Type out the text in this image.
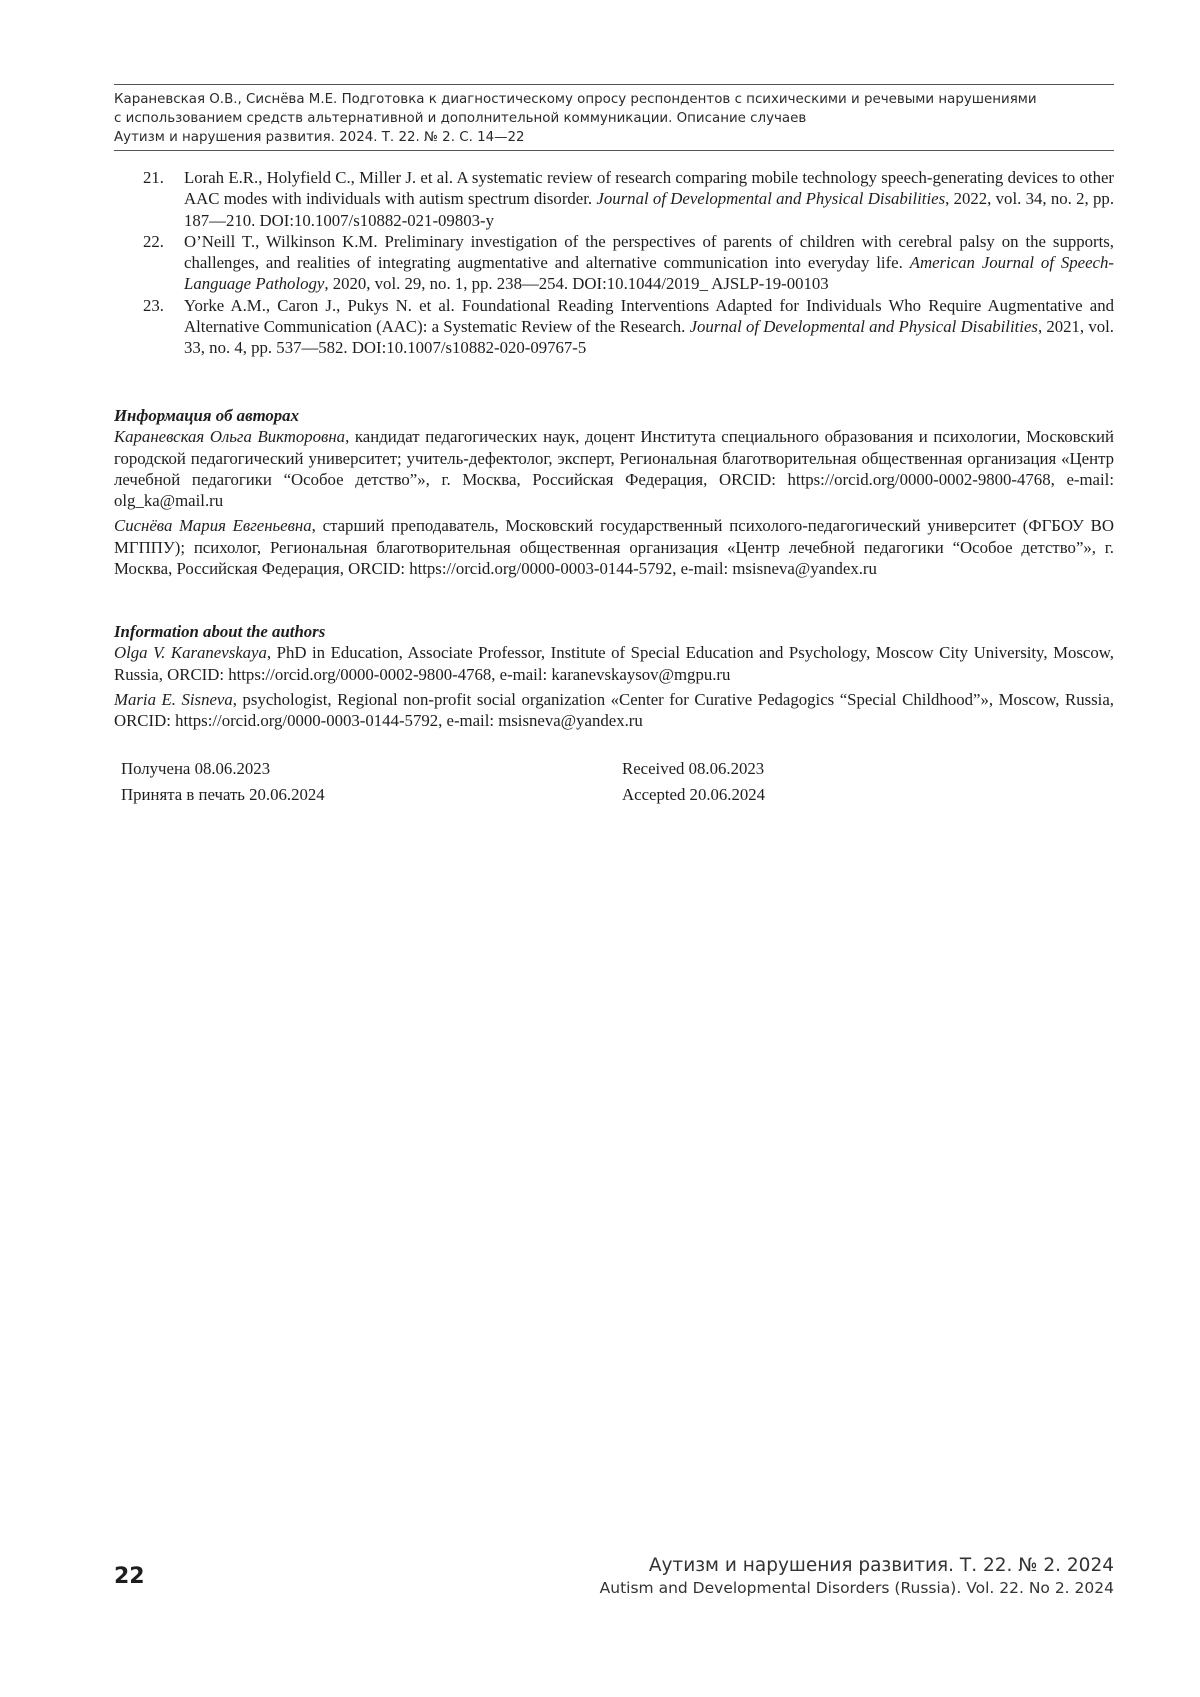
Караневская О.В., Сиснёва М.Е. Подготовка к диагностическому опросу респондентов с психическими и речевыми нарушениями
с использованием средств альтернативной и дополнительной коммуникации. Описание случаев
Аутизм и нарушения развития. 2024. Т. 22. № 2. С. 14—22
21.	Lorah E.R., Holyfield C., Miller J. et al. A systematic review of research comparing mobile technology speech-generating devices to other AAC modes with individuals with autism spectrum disorder. Journal of Developmental and Physical Disabilities, 2022, vol. 34, no. 2, pp. 187—210. DOI:10.1007/s10882-021-09803-y
22.	O’Neill T., Wilkinson K.M. Preliminary investigation of the perspectives of parents of children with cerebral palsy on the supports, challenges, and realities of integrating augmentative and alternative communication into everyday life. American Journal of Speech-Language Pathology, 2020, vol. 29, no. 1, pp. 238—254. DOI:10.1044/2019_ AJSLP-19-00103
23.	Yorke A.M., Caron J., Pukys N. et al. Foundational Reading Interventions Adapted for Individuals Who Require Augmentative and Alternative Communication (AAC): a Systematic Review of the Research. Journal of Developmental and Physical Disabilities, 2021, vol. 33, no. 4, pp. 537—582. DOI:10.1007/s10882-020-09767-5
Информация об авторах

Караневская Ольга Викторовна, кандидат педагогических наук, доцент Института специального образования и психологии, Московский городской педагогический университет; учитель-дефектолог, эксперт, Региональная благотворительная общественная организация «Центр лечебной педагогики “Особое детство”», г. Москва, Российская Федерация, ORCID: https://orcid.org/0000-0002-9800-4768, e-mail: olg_ka@mail.ru

Сиснёва Мария Евгеньевна, старший преподаватель, Московский государственный психолого-педагогический университет (ФГБОУ ВО МГППУ); психолог, Региональная благотворительная общественная организация «Центр лечебной педагогики “Особое детство”», г. Москва, Российская Федерация, ORCID: https://orcid.org/0000-0003-0144-5792, e-mail: msisneva@yandex.ru

Information about the authors

Olga V. Karanevskaya, PhD in Education, Associate Professor, Institute of Special Education and Psychology, Moscow City University, Moscow, Russia, ORCID: https://orcid.org/0000-0002-9800-4768, e-mail: karanevskaysov@mgpu.ru

Maria E. Sisneva, psychologist, Regional non-profit social organization «Center for Curative Pedagogics “Special Childhood”», Moscow, Russia, ORCID: https://orcid.org/0000-0003-0144-5792, e-mail: msisneva@yandex.ru

Получена 08.06.2023	Received 08.06.2023
Принята в печать 20.06.2024	Accepted 20.06.2024
22	Аутизм и нарушения развития. Т. 22. № 2. 2024
Autism and Developmental Disorders (Russia). Vol. 22. No 2. 2024
